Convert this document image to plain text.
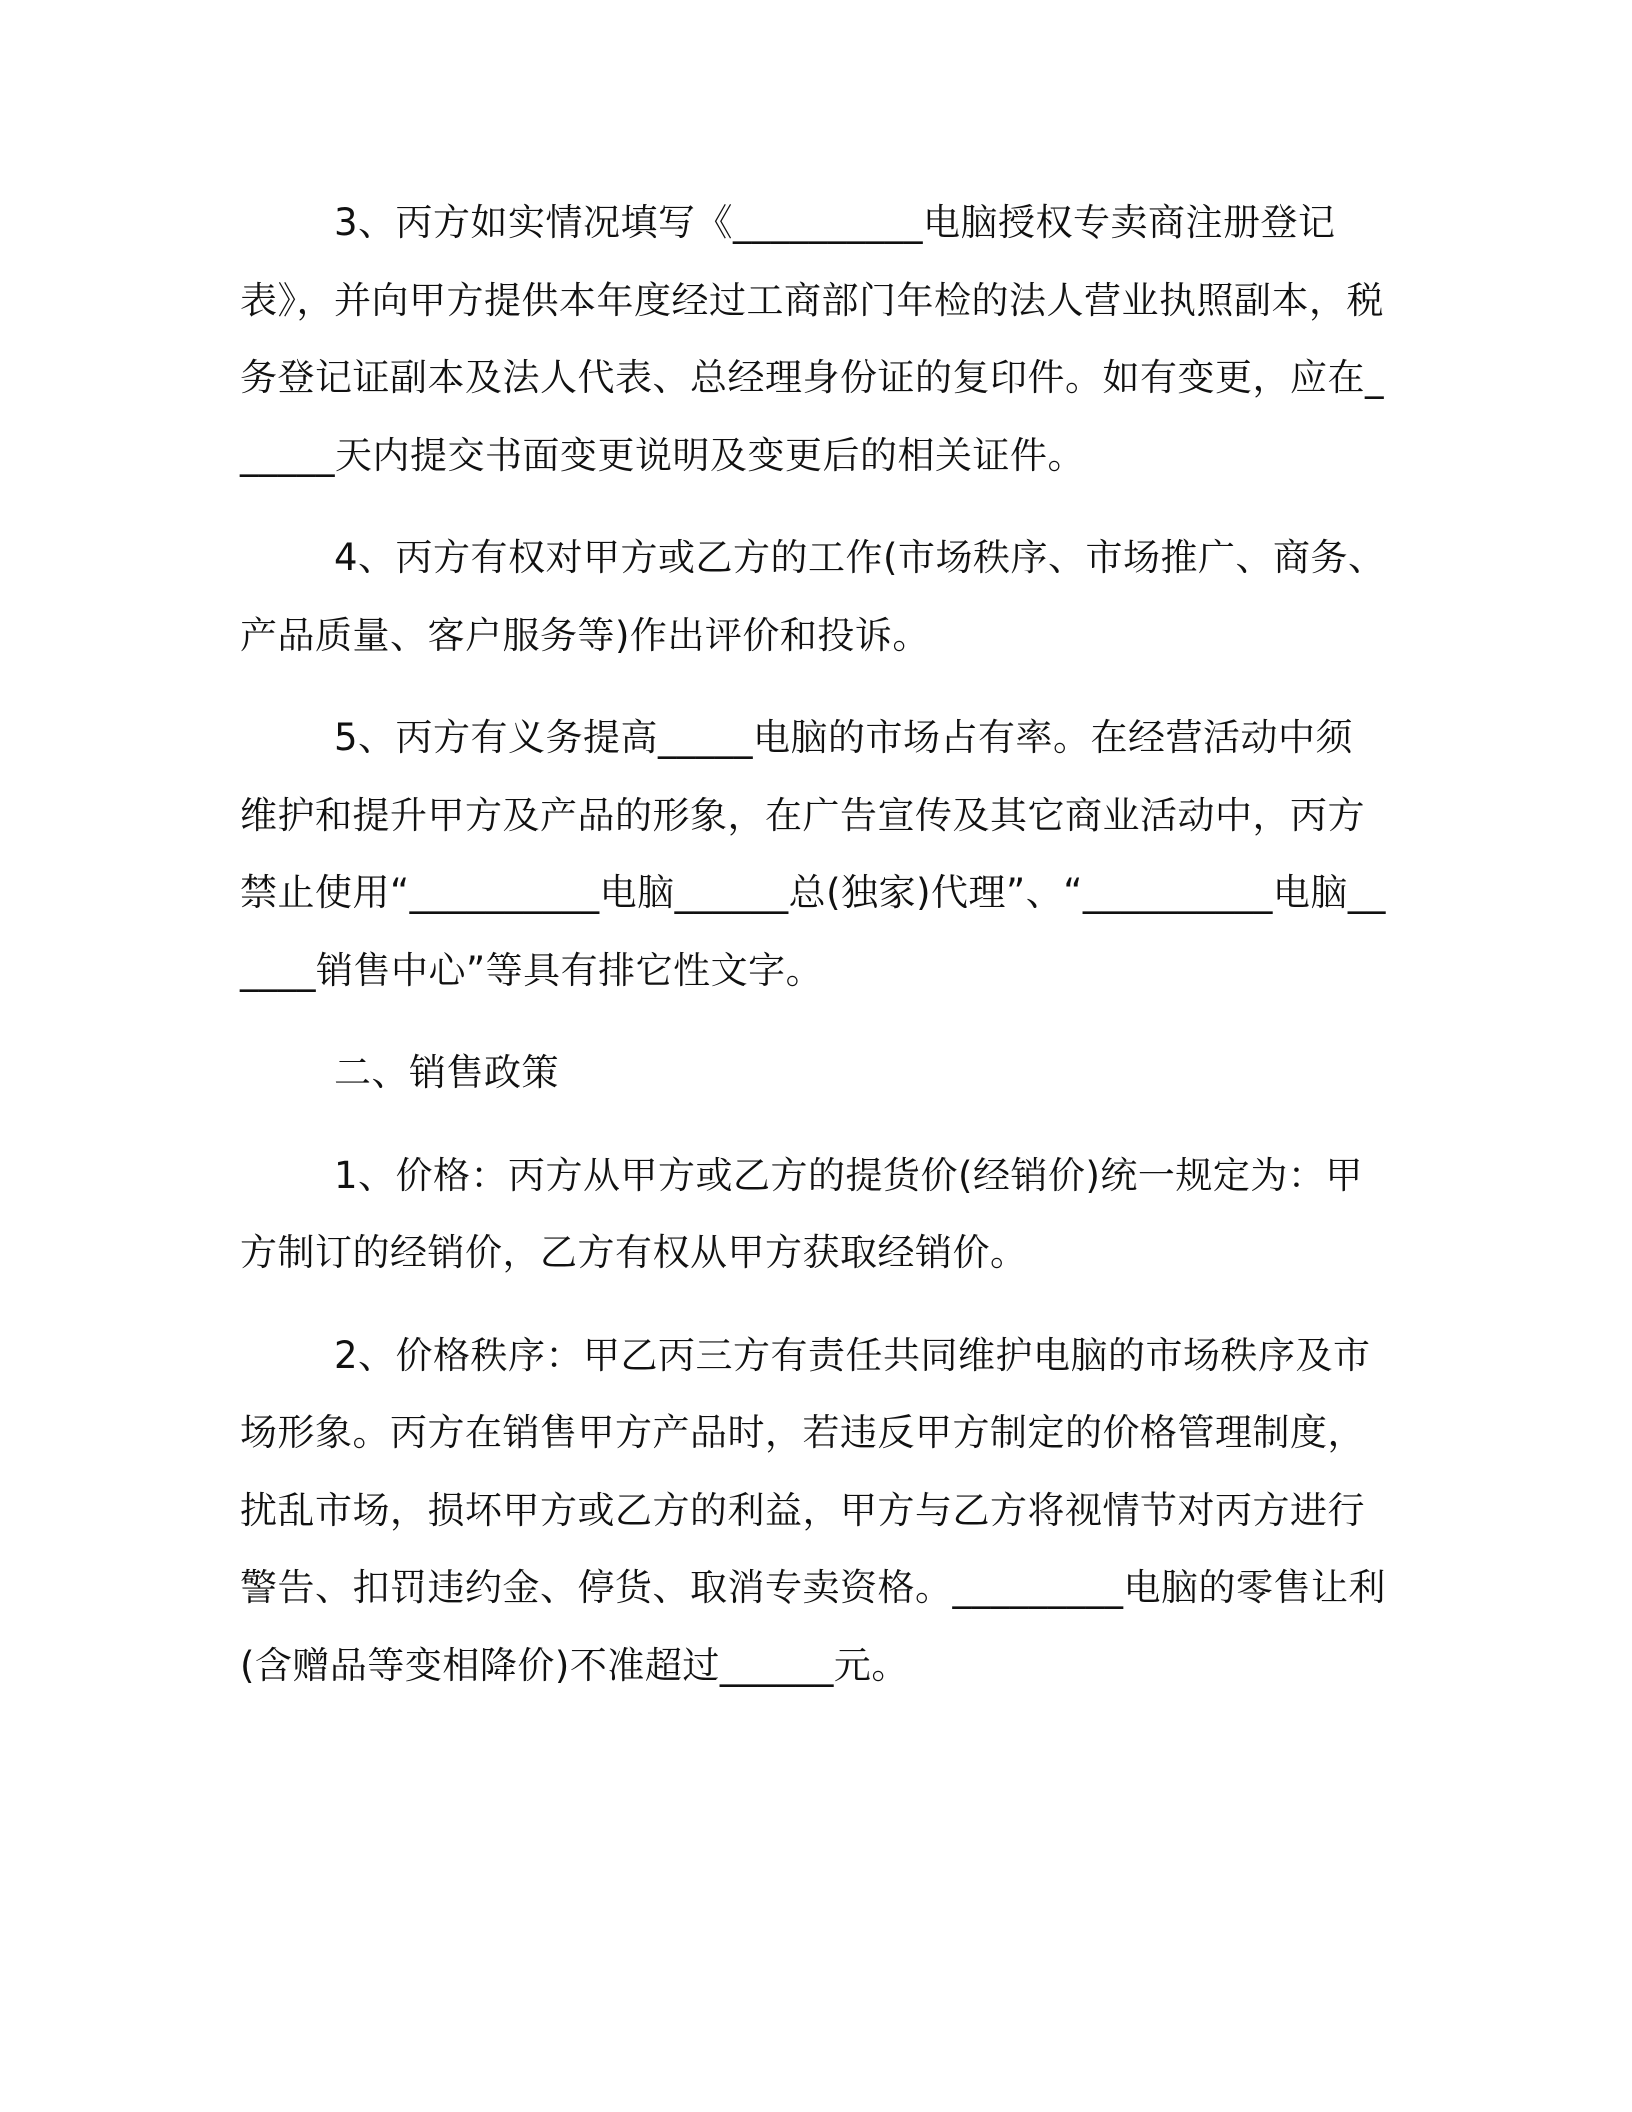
3、丙方如实情况填写《__________电脑授权专卖商注册登记表》，并向甲方提供本年度经过工商部门年检的法人营业执照副本，税务登记证副本及法人代表、总经理身份证的复印件。如有变更，应在______天内提交书面变更说明及变更后的相关证件。

4、丙方有权对甲方或乙方的工作(市场秩序、市场推广、商务、产品质量、客户服务等)作出评价和投诉。

5、丙方有义务提高_____电脑的市场占有率。在经营活动中须维护和提升甲方及产品的形象，在广告宣传及其它商业活动中，丙方禁止使用“__________电脑______总(独家)代理”、“__________电脑______销售中心”等具有排它性文字。

二、销售政策

1、价格：丙方从甲方或乙方的提货价(经销价)统一规定为：甲方制订的经销价，乙方有权从甲方获取经销价。

2、价格秩序：甲乙丙三方有责任共同维护电脑的市场秩序及市场形象。丙方在销售甲方产品时，若违反甲方制定的价格管理制度，扰乱市场，损坏甲方或乙方的利益，甲方与乙方将视情节对丙方进行警告、扣罚违约金、停货、取消专卖资格。_________电脑的零售让利(含赠品等变相降价)不准超过______元。
